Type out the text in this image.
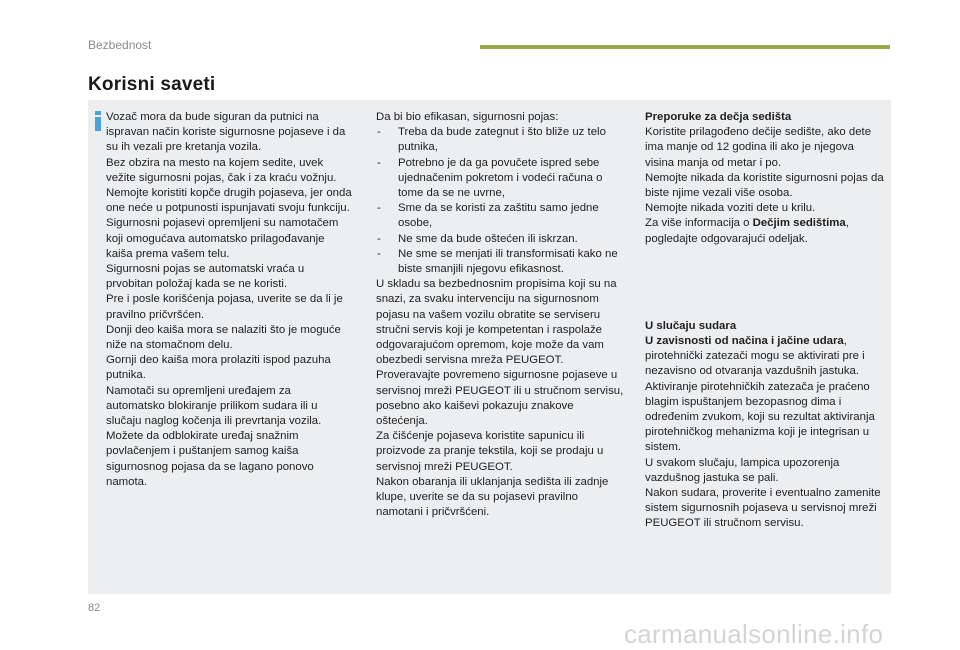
Bezbednost
Korisni saveti

Vozač mora da bude siguran da putnici na ispravan način koriste sigurnosne pojaseve i da su ih vezali pre kretanja vozila.

Bez obzira na mesto na kojem sedite, uvek vežite sigurnosni pojas, čak i za kraću vožnju.

Nemojte koristiti kopče drugih pojaseva, jer onda one neće u potpunosti ispunjavati svoju funkciju.

Sigurnosni pojasevi opremljeni su namotačem koji omogućava automatsko prilagođavanje kaiša prema vašem telu.

Sigurnosni pojas se automatski vraća u prvobitan položaj kada se ne koristi.

Pre i posle korišćenja pojasa, uverite se da li je pravilno pričvršćen.

Donji deo kaiša mora se nalaziti što je moguće niže na stomačnom delu.

Gornji deo kaiša mora prolaziti ispod pazuha putnika.

Namotači su opremljeni uređajem za automatsko blokiranje prilikom sudara ili u slučaju naglog kočenja ili prevrtanja vozila.

Možete da odblokirate uređaj snažnim povlačenjem i puštanjem samog kaiša sigurnosnog pojasa da se lagano ponovo namota.

Da bi bio efikasan, sigurnosni pojas:

- Treba da bude zategnut i što bliže uz telo putnika,
- Potrebno je da ga povučete ispred sebe ujednačenim pokretom i vodeći računa o tome da se ne uvrne,
- Sme da se koristi za zaštitu samo jedne osobe,
- Ne sme da bude oštećen ili iskrzan.
- Ne sme se menjati ili transformisati kako ne biste smanjili njegovu efikasnost.

U skladu sa bezbednosnim propisima koji su na snazi, za svaku intervenciju na sigurnosnom pojasu na vašem vozilu obratite se serviseru stručni servis koji je kompetentan i raspolaže odgovarajućom opremom, koje može da vam obezbedi servisna mreža PEUGEOT.

Proveravajte povremeno sigurnosne pojaseve u servisnoj mreži PEUGEOT ili u stručnom servisu, posebno ako kaiševi pokazuju znakove oštećenja.

Za čišćenje pojaseva koristite sapunicu ili proizvode za pranje tekstila, koji se prodaju u servisnoj mreži PEUGEOT.

Nakon obaranja ili uklanjanja sedišta ili zadnje klupe, uverite se da su pojasevi pravilno namotani i pričvršćeni.

Preporuke za dečja sedišta

Koristite prilagođeno dečije sedište, ako dete ima manje od 12 godina ili ako je njegova visina manja od metar i po.

Nemojte nikada da koristite sigurnosni pojas da biste njime vezali više osoba.

Nemojte nikada voziti dete u krilu.

Za više informacija o Dečjim sedištima, pogledajte odgovarajući odeljak.

U slučaju sudara

U zavisnosti od načina i jačine udara, pirotehnički zatezači mogu se aktivirati pre i nezavisno od otvaranja vazdušnih jastuka. Aktiviranje pirotehničkih zatezača je praćeno blagim ispuštanjem bezopasnog dima i određenim zvukom, koji su rezultat aktiviranja pirotehničkog mehanizma koji je integrisan u sistem.

U svakom slučaju, lampica upozorenja vazdušnog jastuka se pali.

Nakon sudara, proverite i eventualno zamenite sistem sigurnosnih pojaseva u servisnoj mreži PEUGEOT ili stručnom servisu.

82
carmanualsonline.info
